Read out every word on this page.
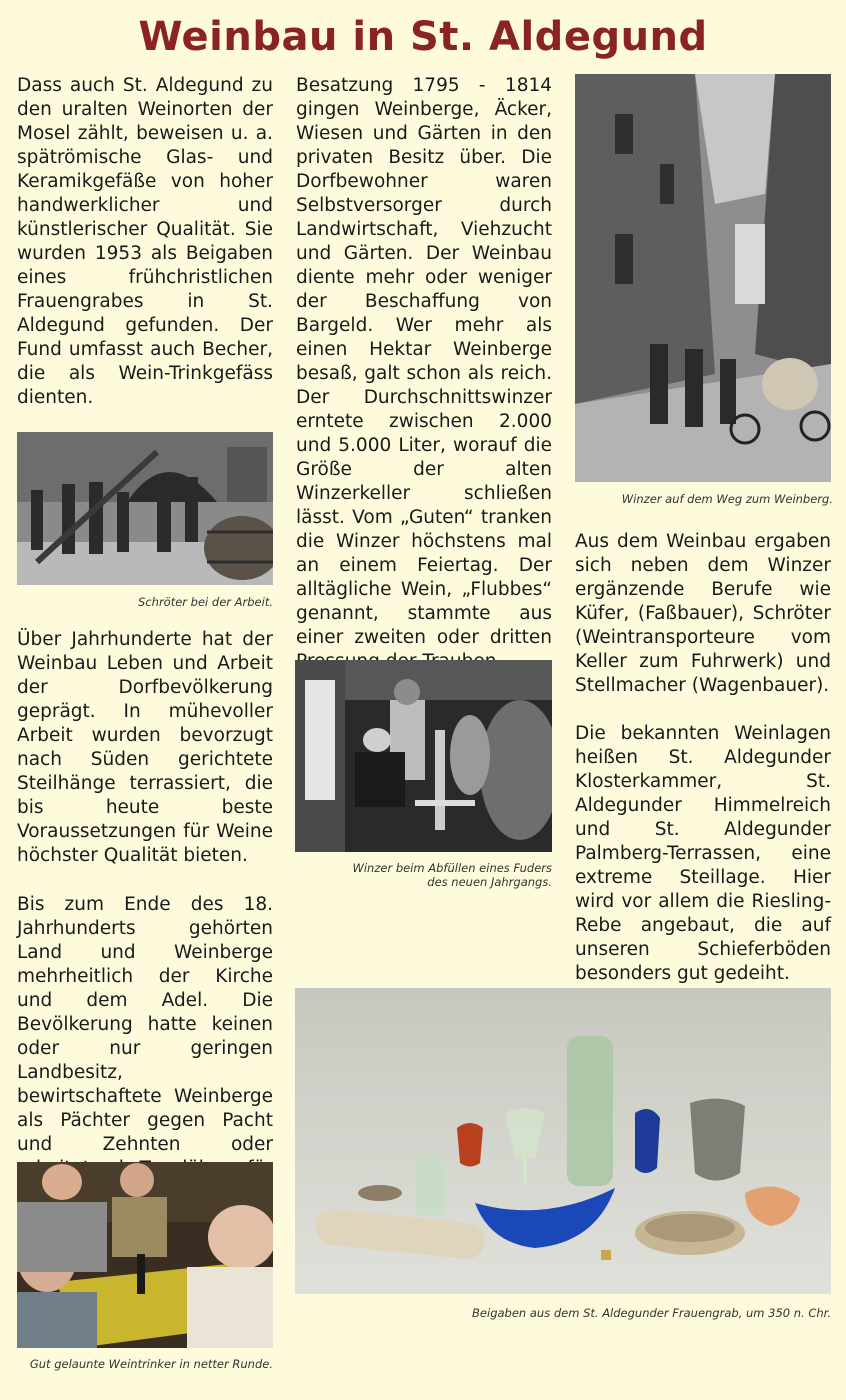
Weinbau in St. Aldegund

Dass auch St. Aldegund zu den uralten Weinorten der Mosel zählt, beweisen u. a. spätrömische Glas- und Keramikgefäße von hoher handwerklicher und künstlerischer Qualität. Sie wurden 1953 als Beigaben eines frühchristlichen Frauengrabes in St. Aldegund gefunden. Der Fund umfasst auch Becher, die als Wein-Trinkgefäss dienten.

Schröter bei der Arbeit.

Über Jahrhunderte hat der Weinbau Leben und Arbeit der Dorfbevölkerung geprägt. In mühevoller Arbeit wurden bevorzugt nach Süden gerichtete Steilhänge terrassiert, die bis heute beste Voraussetzungen für Weine höchster Qualität bieten.

Bis zum Ende des 18. Jahrhunderts gehörten Land und Weinberge mehrheitlich der Kirche und dem Adel. Die Bevölkerung hatte keinen oder nur geringen Landbesitz, bewirtschaftete Weinberge als Pächter gegen Pacht und Zehnten oder

Gut gelaunte Weintrinker in netter Runde.

Besatzung 1795 - 1814 gingen Weinberge, Äcker, Wiesen und Gärten in den privaten Besitz über. Die Dorfbewohner waren Selbstversorger durch Landwirtschaft, Viehzucht und Gärten. Der Weinbau diente mehr oder weniger der Beschaffung von Bargeld. Wer mehr als einen Hektar Weinberge besaß, galt schon als reich. Der Durchschnittswinzer erntete zwischen 2.000 und 5.000 Liter, worauf die Größe der alten Winzerkeller schließen lässt. Vom „Guten“ tranken die Winzer höchstens mal an einem Feiertag. Der alltägliche Wein, „Flubbes“ genannt, stammte aus einer zweiten oder dritten

Winzer beim Abfüllen eines Fuders
des neuen Jahrgangs.
Winzer auf dem Weg zum Weinberg.

Aus dem Weinbau ergaben sich neben dem Winzer ergänzende Berufe wie Küfer, (Faßbauer), Schröter (Weintransporteure vom Keller zum Fuhrwerk) und Stellmacher (Wagenbauer).

Die bekannten Weinlagen heißen St. Aldegunder Klosterkammer, St. Aldegunder Himmelreich und St. Aldegunder Palmberg-Terrassen, eine extreme Steillage. Hier wird vor allem die Riesling-Rebe angebaut, die auf unseren Schieferböden besonders gut gedeiht.

Beigaben aus dem St. Aldegunder Frauengrab, um 350 n. Chr.
